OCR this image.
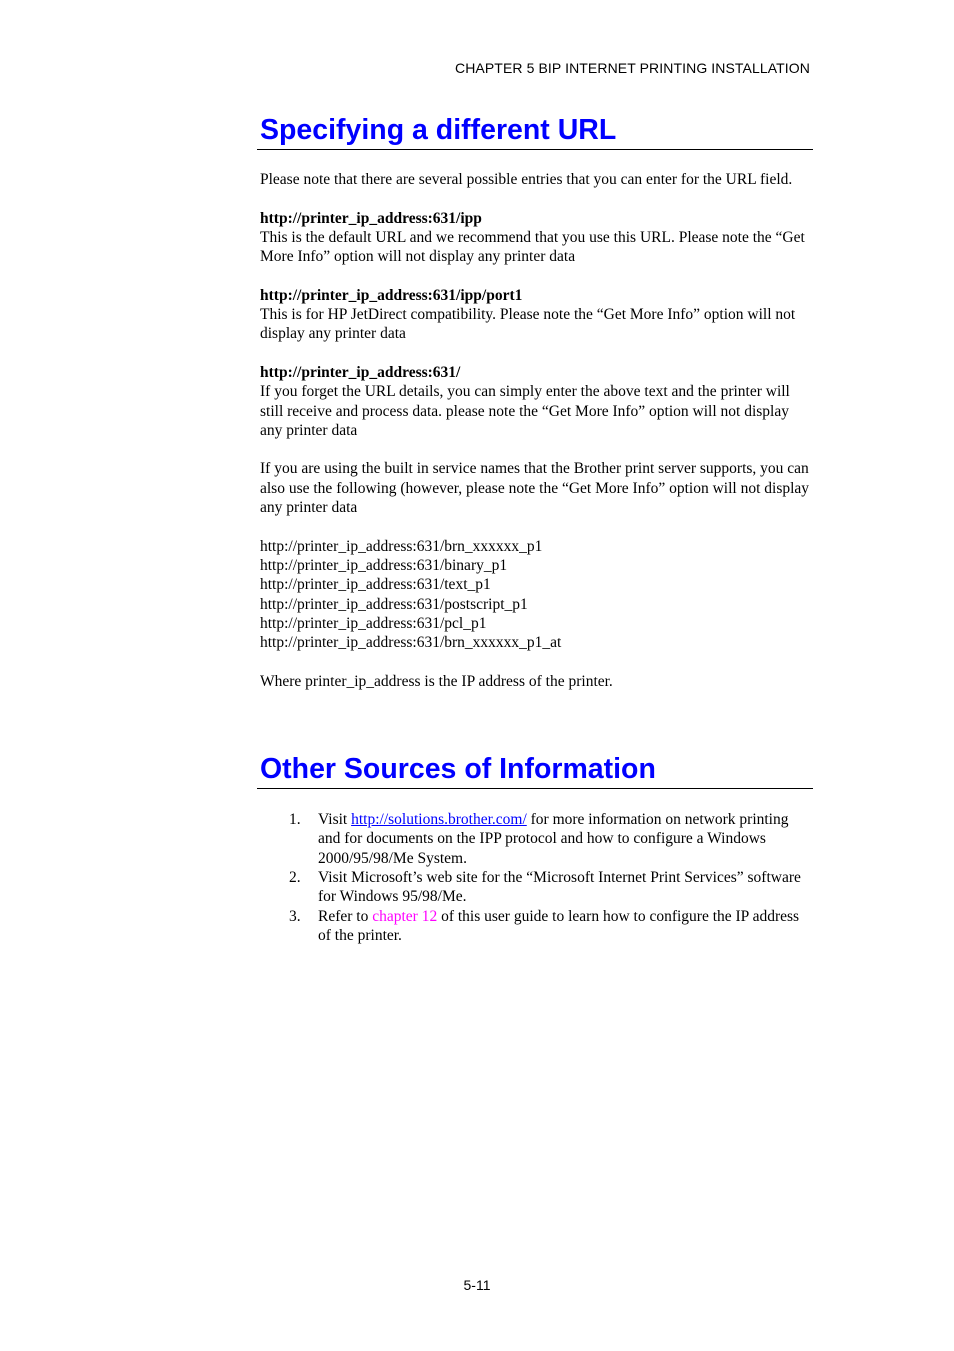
CHAPTER 5 BIP INTERNET PRINTING INSTALLATION
Specifying a different URL

Please note that there are several possible entries that you can enter for the URL field.

http://printer_ip_address:631/ipp
This is the default URL and we recommend that you use this URL. Please note the “Get More Info” option will not display any printer data
http://printer_ip_address:631/ipp/port1
This is for HP JetDirect compatibility. Please note the “Get More Info” option will not display any printer data
http://printer_ip_address:631/
If you forget the URL details, you can simply enter the above text and the printer will still receive and process data. please note the “Get More Info” option will not display any printer data

If you are using the built in service names that the Brother print server supports, you can also use the following (however, please note the “Get More Info” option will not display any printer data

http://printer_ip_address:631/brn_xxxxxx_p1
http://printer_ip_address:631/binary_p1
http://printer_ip_address:631/text_p1
http://printer_ip_address:631/postscript_p1
http://printer_ip_address:631/pcl_p1
http://printer_ip_address:631/brn_xxxxxx_p1_at

Where printer_ip_address is the IP address of the printer.

Other Sources of Information
1. Visit http://solutions.brother.com/ for more information on network printing and for documents on the IPP protocol and how to configure a Windows 2000/95/98/Me System.
2. Visit Microsoft’s web site for the “Microsoft Internet Print Services” software for Windows 95/98/Me.
3. Refer to chapter 12 of this user guide to learn how to configure the IP address of the printer.
5-11
